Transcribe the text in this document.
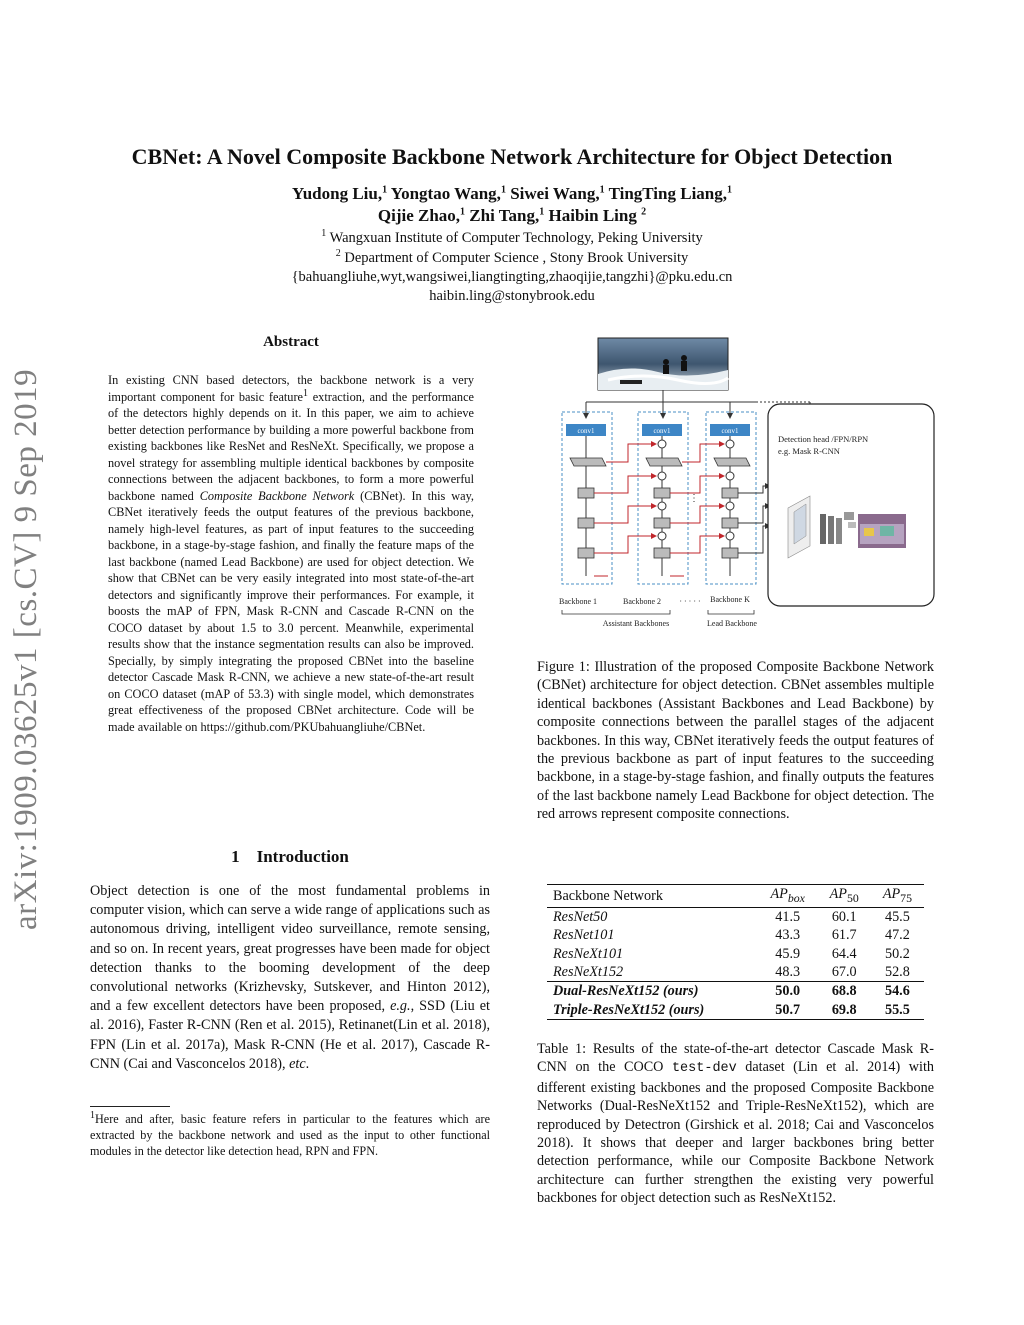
arXiv:1909.03625v1 [cs.CV] 9 Sep 2019
CBNet: A Novel Composite Backbone Network Architecture for Object Detection
Yudong Liu,$^1$ Yongtao Wang,$^1$ Siwei Wang,$^1$ TingTing Liang,$^1$
Qijie Zhao,$^1$ Zhi Tang,$^1$ Haibin Ling $^2$
$^1$ Wangxuan Institute of Computer Technology, Peking University
$^2$ Department of Computer Science , Stony Brook University
{bahuangliuhe,wyt,wangsiwei,liangtingting,zhaoqijie,tangzhi}@pku.edu.cn
haibin.ling@stonybrook.edu
Abstract
In existing CNN based detectors, the backbone network is a very important component for basic feature$^1$ extraction, and the performance of the detectors highly depends on it. In this paper, we aim to achieve better detection performance by building a more powerful backbone from existing backbones like ResNet and ResNeXt. Specifically, we propose a novel strategy for assembling multiple identical backbones by composite connections between the adjacent backbones, to form a more powerful backbone named Composite Backbone Network (CBNet). In this way, CBNet iteratively feeds the output features of the previous backbone, namely high-level features, as part of input features to the succeeding backbone, in a stage-by-stage fashion, and finally the feature maps of the last backbone (named Lead Backbone) are used for object detection. We show that CBNet can be very easily integrated into most state-of-the-art detectors and significantly improve their performances. For example, it boosts the mAP of FPN, Mask R-CNN and Cascade R-CNN on the COCO dataset by about 1.5 to 3.0 percent. Meanwhile, experimental results show that the instance segmentation results can also be improved. Specially, by simply integrating the proposed CBNet into the baseline detector Cascade Mask R-CNN, we achieve a new state-of-the-art result on COCO dataset (mAP of 53.3) with single model, which demonstrates great effectiveness of the proposed CBNet architecture. Code will be made available on https://github.com/PKUbahuangliuhe/CBNet.
1    Introduction
Object detection is one of the most fundamental problems in computer vision, which can serve a wide range of applications such as autonomous driving, intelligent video surveillance, remote sensing, and so on. In recent years, great progresses have been made for object detection thanks to the booming development of the deep convolutional networks (Krizhevsky, Sutskever, and Hinton 2012), and a few excellent detectors have been proposed, e.g., SSD (Liu et al. 2016), Faster R-CNN (Ren et al. 2015), Retinanet(Lin et al. 2018), FPN (Lin et al. 2017a), Mask R-CNN (He et al. 2017), Cascade R-CNN (Cai and Vasconcelos 2018), etc.
$^1$Here and after, basic feature refers in particular to the features which are extracted by the backbone network and used as the input to other functional modules in the detector like detection head, RPN and FPN.
conv1	conv1	conv1
⋮
Detection head /FPN/RPN
e.g. Mask R-CNN
Backbone 1	Backbone 2 · · · · · Backbone K
Assistant Backbones	Lead Backbone
Figure 1: Illustration of the proposed Composite Backbone Network (CBNet) architecture for object detection. CBNet assembles multiple identical backbones (Assistant Backbones and Lead Backbone) by composite connections between the parallel stages of the adjacent backbones. In this way, CBNet iteratively feeds the output features of the previous backbone as part of input features to the succeeding backbone, in a stage-by-stage fashion, and finally outputs the features of the last backbone namely Lead Backbone for object detection. The red arrows represent composite connections.
Backbone Network	$AP_{box}$	$AP_{50}$	$AP_{75}$
ResNet50	41.5	60.1	45.5
ResNet101	43.3	61.7	47.2
ResNeXt101	45.9	64.4	50.2
ResNeXt152	48.3	67.0	52.8
Dual-ResNeXt152 (ours)	50.0	68.8	54.6
Triple-ResNeXt152 (ours)	50.7	69.8	55.5
Table 1: Results of the state-of-the-art detector Cascade Mask R-CNN on the COCO test-dev dataset (Lin et al. 2014) with different existing backbones and the proposed Composite Backbone Networks (Dual-ResNeXt152 and Triple-ResNeXt152), which are reproduced by Detectron (Girshick et al. 2018; Cai and Vasconcelos 2018). It shows that deeper and larger backbones bring better detection performance, while our Composite Backbone Network architecture can further strengthen the existing very powerful backbones for object detection such as ResNeXt152.
